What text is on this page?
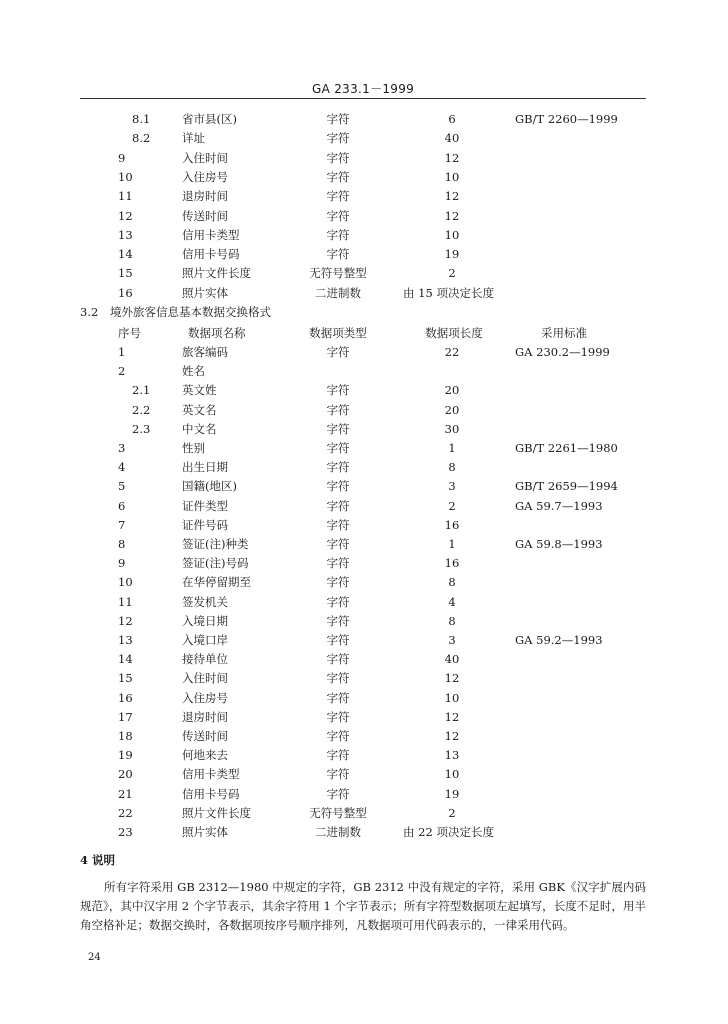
GA 233.1－1999
8.1	省市县(区)	字符	6	GB/T 2260—1999
8.2	详址	字符	40
9	入住时间	字符	12
10	入住房号	字符	10
11	退房时间	字符	12
12	传送时间	字符	12
13	信用卡类型	字符	10
14	信用卡号码	字符	19
15	照片文件长度	无符号整型	2
16	照片实体	二进制数	由 15 项决定长度
3.2 境外旅客信息基本数据交换格式
序号	数据项名称	数据项类型	数据项长度	采用标准
1	旅客编码	字符	22	GA 230.2—1999
2	姓名
2.1	英文姓	字符	20
2.2	英文名	字符	20
2.3	中文名	字符	30
3	性别	字符	1	GB/T 2261—1980
4	出生日期	字符	8
5	国籍(地区)	字符	3	GB/T 2659—1994
6	证件类型	字符	2	GA 59.7—1993
7	证件号码	字符	16
8	签证(注)种类	字符	1	GA 59.8—1993
9	签证(注)号码	字符	16
10	在华停留期至	字符	8
11	签发机关	字符	4
12	入境日期	字符	8
13	入境口岸	字符	3	GA 59.2—1993
14	接待单位	字符	40
15	入住时间	字符	12
16	入住房号	字符	10
17	退房时间	字符	12
18	传送时间	字符	12
19	何地来去	字符	13
20	信用卡类型	字符	10
21	信用卡号码	字符	19
22	照片文件长度	无符号整型	2
23	照片实体	二进制数	由 22 项决定长度
4 说明
所有字符采用 GB 2312—1980 中规定的字符，GB 2312 中没有规定的字符，采用 GBK《汉字扩展内码规范》，其中汉字用 2 个字节表示，其余字符用 1 个字节表示；所有字符型数据项左起填写，长度不足时，用半角空格补足；数据交换时，各数据项按序号顺序排列，凡数据项可用代码表示的，一律采用代码。
24
